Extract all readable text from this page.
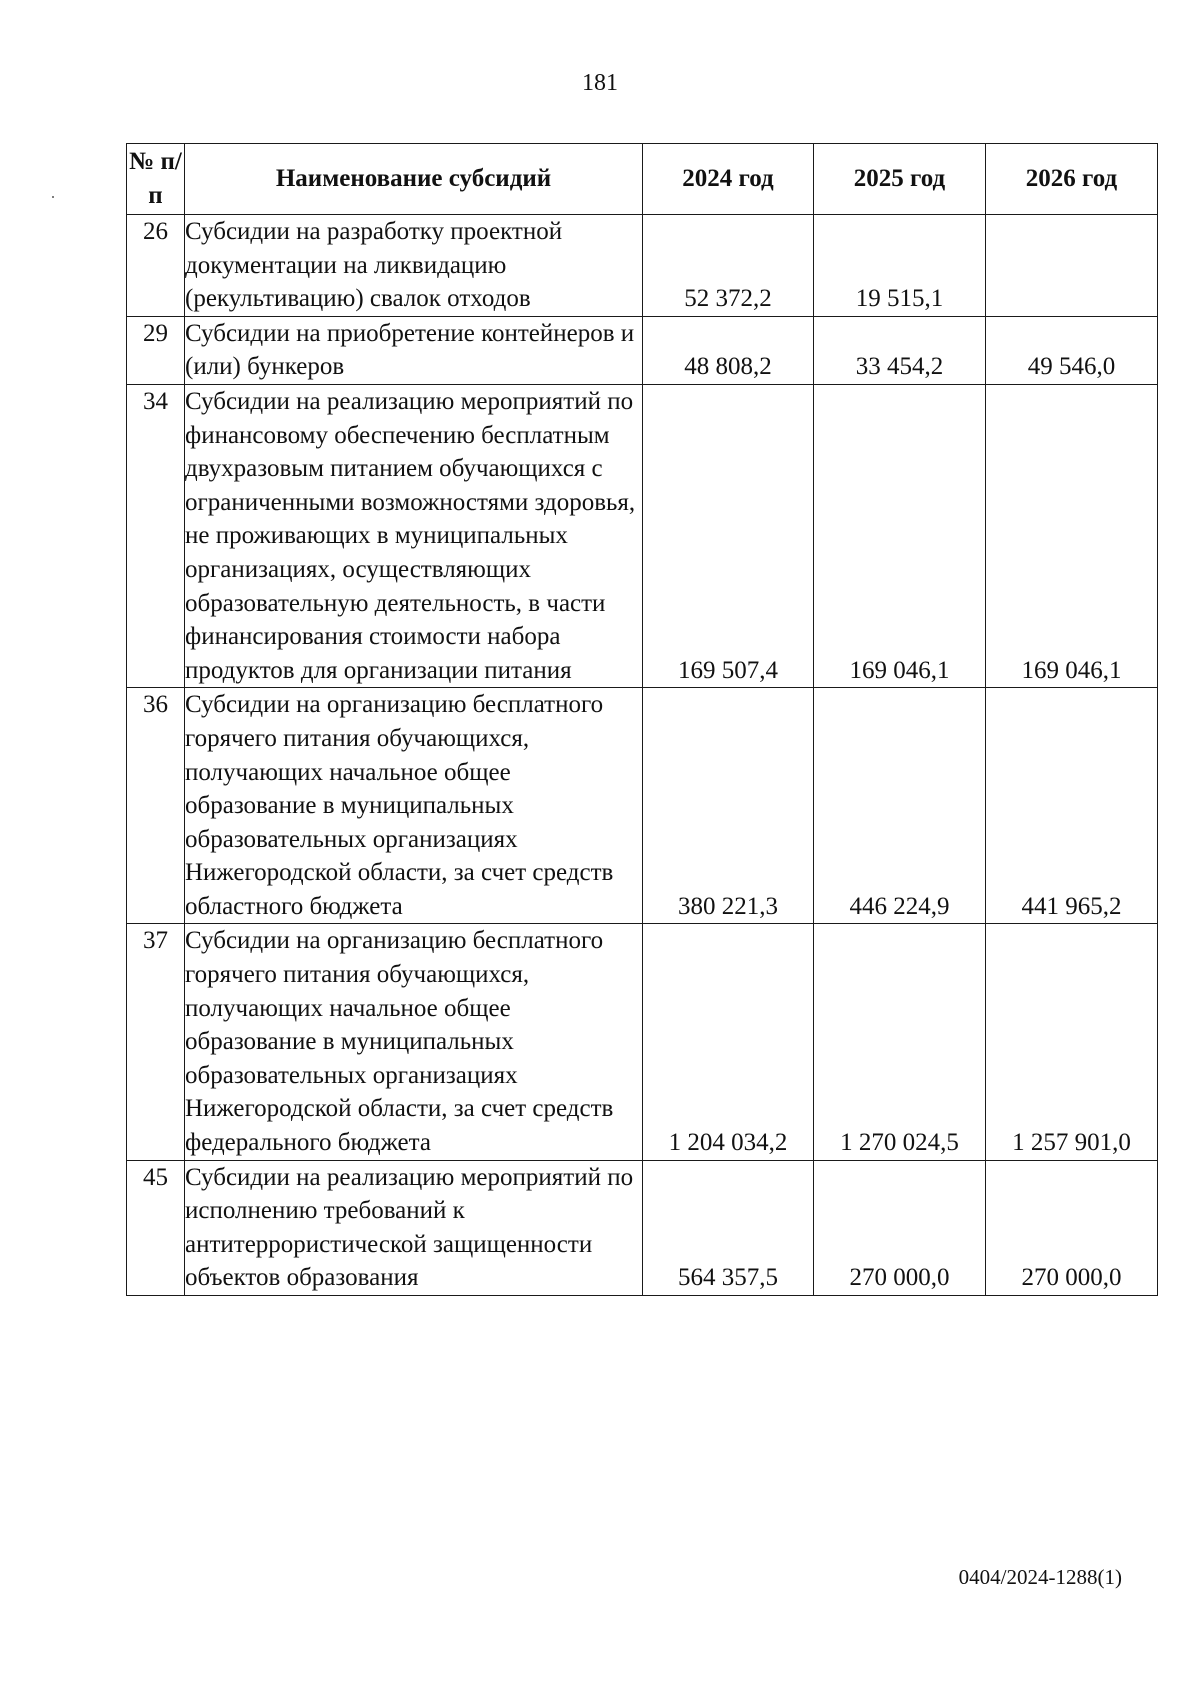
181
№ п/п	Наименование субсидий	2024 год	2025 год	2026 год
26	Субсидии на разработку проектной документации на ликвидацию (рекультивацию) свалок отходов	52 372,2	19 515,1	
29	Субсидии на приобретение контейнеров и (или) бункеров	48 808,2	33 454,2	49 546,0
34	Субсидии на реализацию мероприятий по финансовому обеспечению бесплатным двухразовым питанием обучающихся с ограниченными возможностями здоровья, не проживающих в муниципальных организациях, осуществляющих образовательную деятельность, в части финансирования стоимости набора продуктов для организации питания	169 507,4	169 046,1	169 046,1
36	Субсидии на организацию бесплатного горячего питания обучающихся, получающих начальное общее образование в муниципальных образовательных организациях Нижегородской области, за счет средств областного бюджета	380 221,3	446 224,9	441 965,2
37	Субсидии на организацию бесплатного горячего питания обучающихся, получающих начальное общее образование в муниципальных образовательных организациях Нижегородской области, за счет средств федерального бюджета	1 204 034,2	1 270 024,5	1 257 901,0
45	Субсидии на реализацию мероприятий по исполнению требований к антитеррористической защищенности объектов образования	564 357,5	270 000,0	270 000,0
0404/2024-1288(1)
